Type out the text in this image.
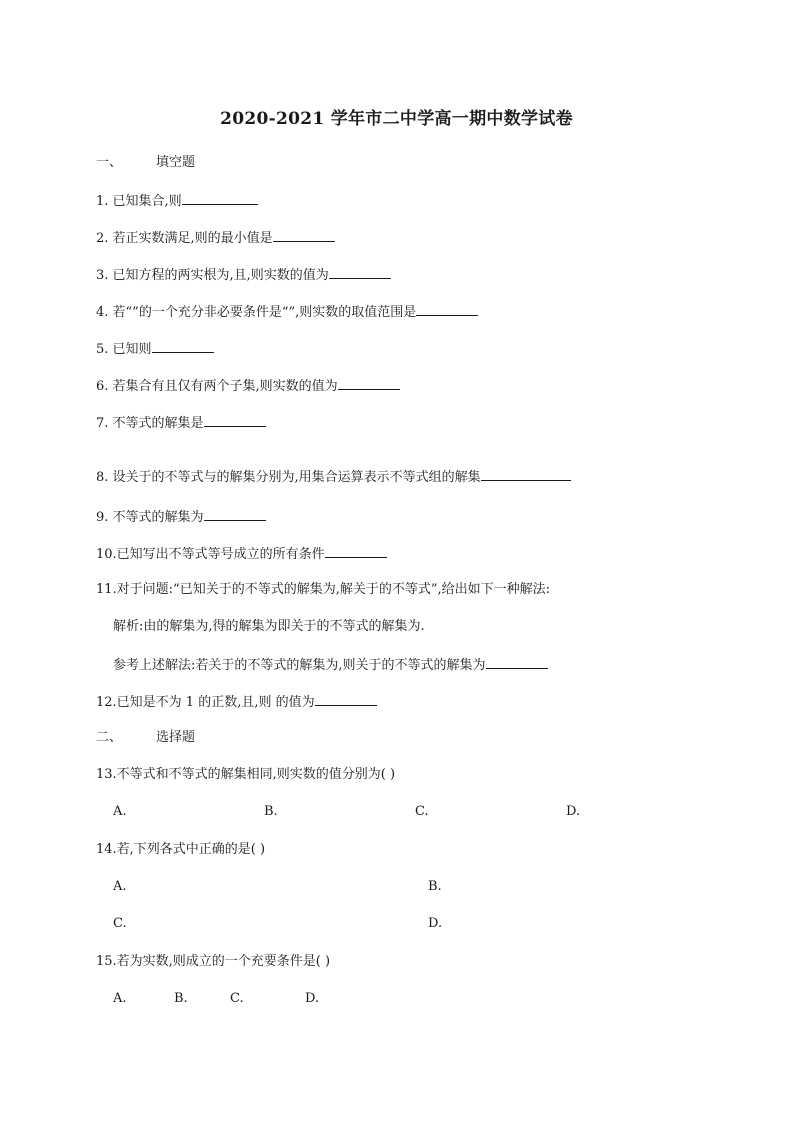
2020-2021 学年市二中学高一期中数学试卷
一、	填空题
1. 已知集合,则
2. 若正实数满足,则的最小值是
3. 已知方程的两实根为,且,则实数的值为
4. 若“”的一个充分非必要条件是“”,则实数的取值范围是
5. 已知则
6. 若集合有且仅有两个子集,则实数的值为
7. 不等式的解集是
8. 设关于的不等式与的解集分别为,用集合运算表示不等式组的解集
9. 不等式的解集为
10.已知写出不等式等号成立的所有条件
11.对于问题:“已知关于的不等式的解集为,解关于的不等式”,给出如下一种解法:
解析:由的解集为,得的解集为即关于的不等式的解集为.
参考上述解法:若关于的不等式的解集为,则关于的不等式的解集为
12.已知是不为 1 的正数,且,则 的值为
二、	选择题
13.不等式和不等式的解集相同,则实数的值分别为( )
A.	B.	C.	D.
14.若,下列各式中正确的是( )
A.	B.
C.	D.
15.若为实数,则成立的一个充要条件是( )
A.	B.	C.	D.
